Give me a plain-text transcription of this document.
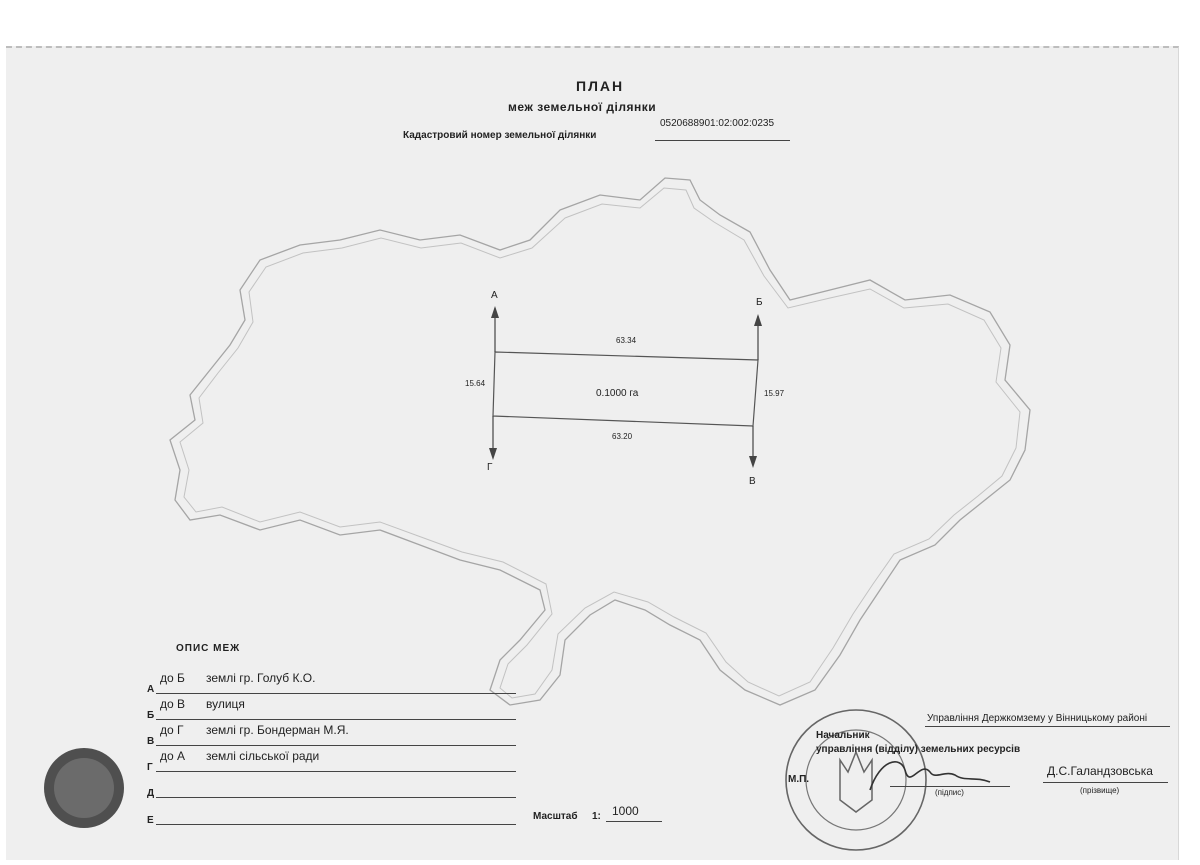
ПЛАН
меж земельної ділянки
Кадастровий номер земельної ділянки
0520688901:02:002:0235
А
Б
Г
В
63.34
63.20
15.64
15.97
0.1000 га
ОПИС МЕЖ
А
до Б землі гр. Голуб К.О.
Б
до В вулиця
В
до Г землі гр. Бондерман М.Я.
Г
до А землі сільської ради
Д
Е	Масштаб 1: 1000
Управління Держкомзему у Вінницькому районі
Начальник
управління (відділу) земельних ресурсів
М.П.
(підпис)
Д.С.Галандзовська
(прізвище)
